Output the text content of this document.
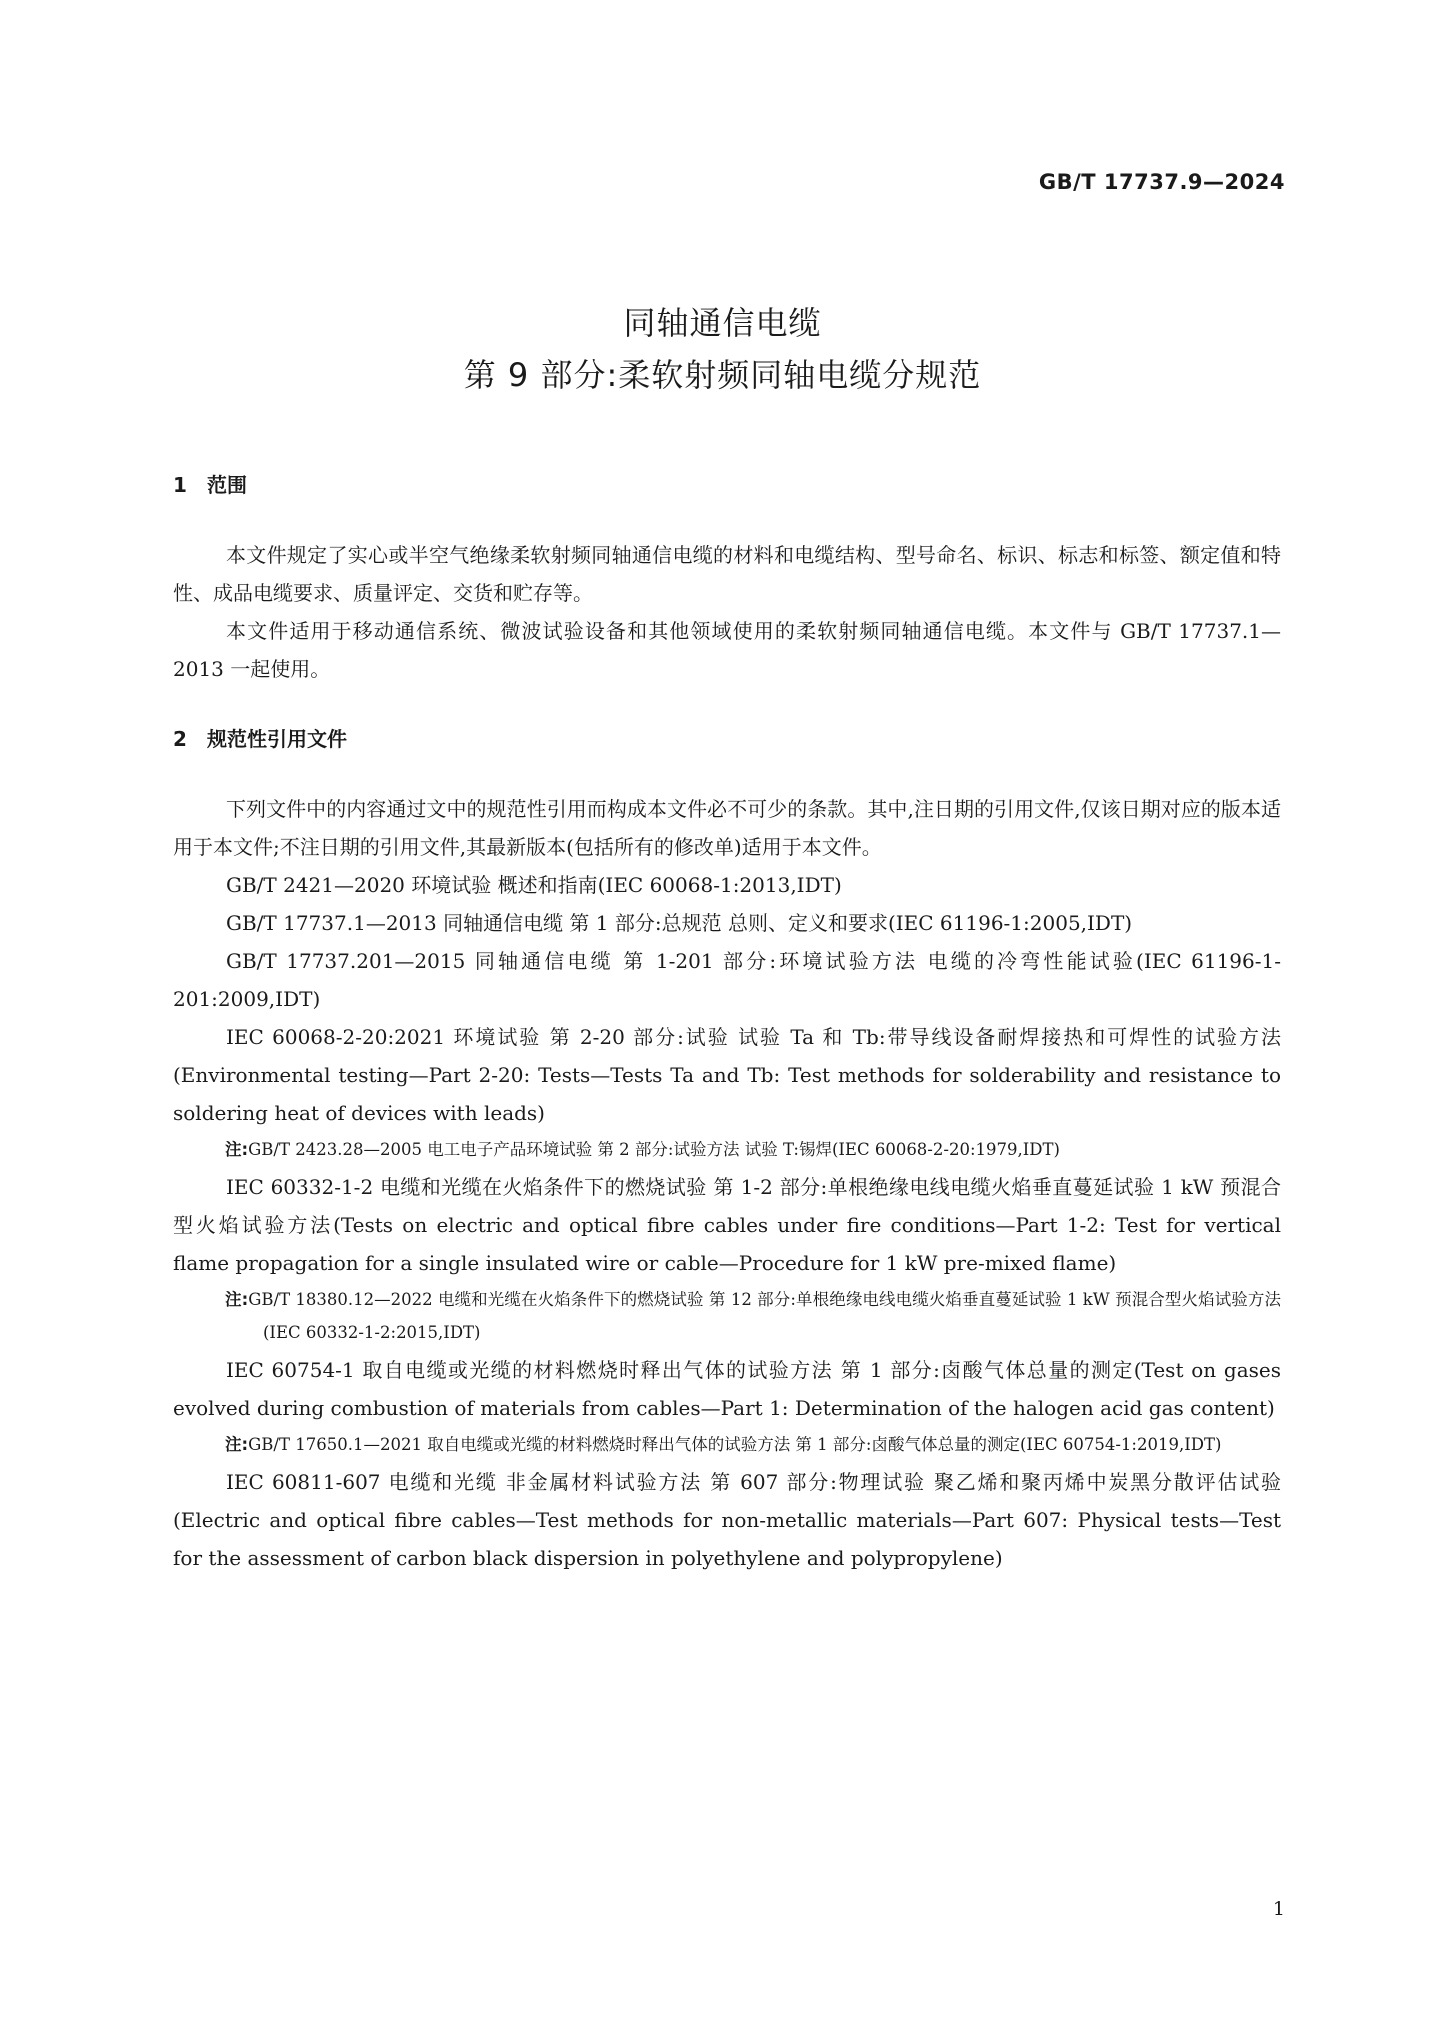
GB/T 17737.9—2024
同轴通信电缆
第 9 部分:柔软射频同轴电缆分规范
1 范围

本文件规定了实心或半空气绝缘柔软射频同轴通信电缆的材料和电缆结构、型号命名、标识、标志和标签、额定值和特性、成品电缆要求、质量评定、交货和贮存等。

本文件适用于移动通信系统、微波试验设备和其他领域使用的柔软射频同轴通信电缆。本文件与 GB/T 17737.1—2013 一起使用。

2 规范性引用文件

下列文件中的内容通过文中的规范性引用而构成本文件必不可少的条款。其中,注日期的引用文件,仅该日期对应的版本适用于本文件;不注日期的引用文件,其最新版本(包括所有的修改单)适用于本文件。

GB/T 2421—2020 环境试验 概述和指南(IEC 60068-1:2013,IDT)

GB/T 17737.1—2013 同轴通信电缆 第 1 部分:总规范 总则、定义和要求(IEC 61196-1:2005,IDT)

GB/T 17737.201—2015 同轴通信电缆 第 1-201 部分:环境试验方法 电缆的冷弯性能试验(IEC 61196-1-201:2009,IDT)

IEC 60068-2-20:2021 环境试验 第 2-20 部分:试验 试验 Ta 和 Tb:带导线设备耐焊接热和可焊性的试验方法(Environmental testing—Part 2-20: Tests—Tests Ta and Tb: Test methods for solderability and resistance to soldering heat of devices with leads)

注:GB/T 2423.28—2005 电工电子产品环境试验 第 2 部分:试验方法 试验 T:锡焊(IEC 60068-2-20:1979,IDT)

IEC 60332-1-2 电缆和光缆在火焰条件下的燃烧试验 第 1-2 部分:单根绝缘电线电缆火焰垂直蔓延试验 1 kW 预混合型火焰试验方法(Tests on electric and optical fibre cables under fire conditions—Part 1-2: Test for vertical flame propagation for a single insulated wire or cable—Procedure for 1 kW pre-mixed flame)

注:GB/T 18380.12—2022 电缆和光缆在火焰条件下的燃烧试验 第 12 部分:单根绝缘电线电缆火焰垂直蔓延试验 1 kW 预混合型火焰试验方法(IEC 60332-1-2:2015,IDT)

IEC 60754-1 取自电缆或光缆的材料燃烧时释出气体的试验方法 第 1 部分:卤酸气体总量的测定(Test on gases evolved during combustion of materials from cables—Part 1: Determination of the halogen acid gas content)

注:GB/T 17650.1—2021 取自电缆或光缆的材料燃烧时释出气体的试验方法 第 1 部分:卤酸气体总量的测定(IEC 60754-1:2019,IDT)

IEC 60811-607 电缆和光缆 非金属材料试验方法 第 607 部分:物理试验 聚乙烯和聚丙烯中炭黑分散评估试验(Electric and optical fibre cables—Test methods for non-metallic materials—Part 607: Physical tests—Test for the assessment of carbon black dispersion in polyethylene and polypropylene)

1
